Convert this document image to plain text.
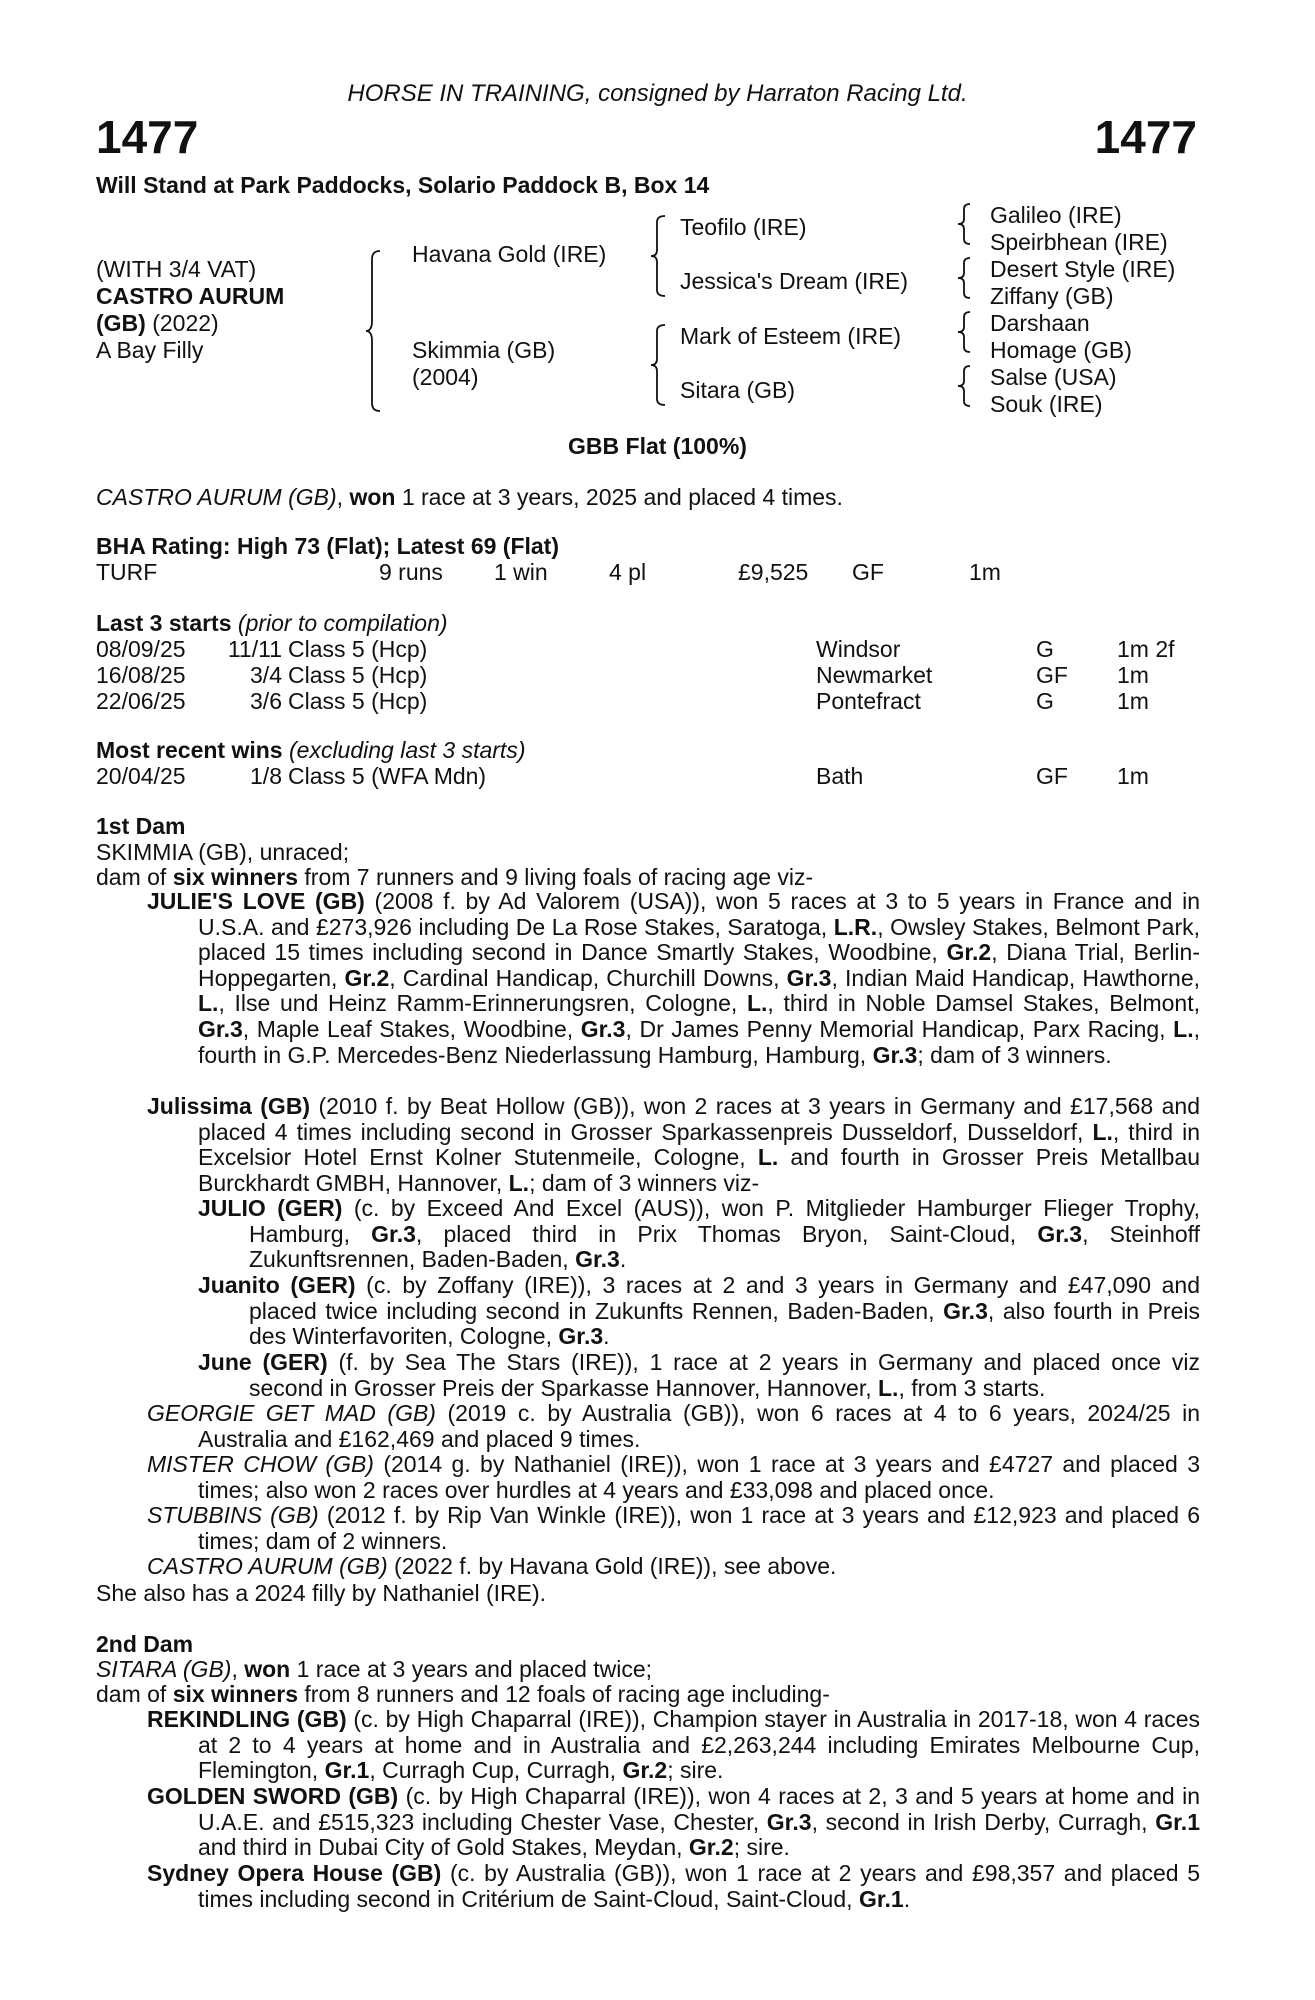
HORSE IN TRAINING, consigned by Harraton Racing Ltd.
1477	1477
Will Stand at Park Paddocks, Solario Paddock B, Box 14
(WITH 3/4 VAT)
CASTRO AURUM
(GB) (2022)
A Bay Filly
Havana Gold (IRE)
Skimmia (GB)
(2004)
Teofilo (IRE)
Jessica's Dream (IRE)
Mark of Esteem (IRE)
Sitara (GB)
Galileo (IRE)
Speirbhean (IRE)
Desert Style (IRE)
Ziffany (GB)
Darshaan
Homage (GB)
Salse (USA)
Souk (IRE)
GBB Flat (100%)
CASTRO AURUM (GB), won 1 race at 3 years, 2025 and placed 4 times.
BHA Rating: High 73 (Flat); Latest 69 (Flat)
TURF	9 runs 1 win	4 pl	£9,525 GF	1m
Last 3 starts (prior to compilation)
08/09/25	11/11 Class 5 (Hcp)	Windsor	G	1m 2f
16/08/25	3/4 Class 5 (Hcp)	Newmarket	GF 1m
22/06/25	3/6 Class 5 (Hcp)	Pontefract	G	1m
Most recent wins (excluding last 3 starts)
20/04/25	1/8 Class 5 (WFA Mdn)	Bath	GF 1m
1st Dam
SKIMMIA (GB), unraced;
dam of six winners from 7 runners and 9 living foals of racing age viz-
JULIE'S LOVE (GB) (2008 f. by Ad Valorem (USA)), won 5 races at 3 to 5 years in France and in U.S.A. and £273,926 including De La Rose Stakes, Saratoga, L.R., Owsley Stakes, Belmont Park, placed 15 times including second in Dance Smartly Stakes, Woodbine, Gr.2, Diana Trial, Berlin-Hoppegarten, Gr.2, Cardinal Handicap, Churchill Downs, Gr.3, Indian Maid Handicap, Hawthorne, L., Ilse und Heinz Ramm-Erinnerungsren, Cologne, L., third in Noble Damsel Stakes, Belmont, Gr.3, Maple Leaf Stakes, Woodbine, Gr.3, Dr James Penny Memorial Handicap, Parx Racing, L., fourth in G.P. Mercedes-Benz Niederlassung Hamburg, Hamburg, Gr.3; dam of 3 winners.
Julissima (GB) (2010 f. by Beat Hollow (GB)), won 2 races at 3 years in Germany and £17,568 and placed 4 times including second in Grosser Sparkassenpreis Dusseldorf, Dusseldorf, L., third in Excelsior Hotel Ernst Kolner Stutenmeile, Cologne, L. and fourth in Grosser Preis Metallbau Burckhardt GMBH, Hannover, L.; dam of 3 winners viz-
JULIO (GER) (c. by Exceed And Excel (AUS)), won P. Mitglieder Hamburger Flieger Trophy, Hamburg, Gr.3, placed third in Prix Thomas Bryon, Saint-Cloud, Gr.3, Steinhoff Zukunftsrennen, Baden-Baden, Gr.3.
Juanito (GER) (c. by Zoffany (IRE)), 3 races at 2 and 3 years in Germany and £47,090 and placed twice including second in Zukunfts Rennen, Baden-Baden, Gr.3, also fourth in Preis des Winterfavoriten, Cologne, Gr.3.
June (GER) (f. by Sea The Stars (IRE)), 1 race at 2 years in Germany and placed once viz second in Grosser Preis der Sparkasse Hannover, Hannover, L., from 3 starts.
GEORGIE GET MAD (GB) (2019 c. by Australia (GB)), won 6 races at 4 to 6 years, 2024/25 in Australia and £162,469 and placed 9 times.
MISTER CHOW (GB) (2014 g. by Nathaniel (IRE)), won 1 race at 3 years and £4727 and placed 3 times; also won 2 races over hurdles at 4 years and £33,098 and placed once.
STUBBINS (GB) (2012 f. by Rip Van Winkle (IRE)), won 1 race at 3 years and £12,923 and placed 6 times; dam of 2 winners.
CASTRO AURUM (GB) (2022 f. by Havana Gold (IRE)), see above.
She also has a 2024 filly by Nathaniel (IRE).
2nd Dam
SITARA (GB), won 1 race at 3 years and placed twice;
dam of six winners from 8 runners and 12 foals of racing age including-
REKINDLING (GB) (c. by High Chaparral (IRE)), Champion stayer in Australia in 2017-18, won 4 races at 2 to 4 years at home and in Australia and £2,263,244 including Emirates Melbourne Cup, Flemington, Gr.1, Curragh Cup, Curragh, Gr.2; sire.
GOLDEN SWORD (GB) (c. by High Chaparral (IRE)), won 4 races at 2, 3 and 5 years at home and in U.A.E. and £515,323 including Chester Vase, Chester, Gr.3, second in Irish Derby, Curragh, Gr.1 and third in Dubai City of Gold Stakes, Meydan, Gr.2; sire.
Sydney Opera House (GB) (c. by Australia (GB)), won 1 race at 2 years and £98,357 and placed 5 times including second in Critérium de Saint-Cloud, Saint-Cloud, Gr.1.
